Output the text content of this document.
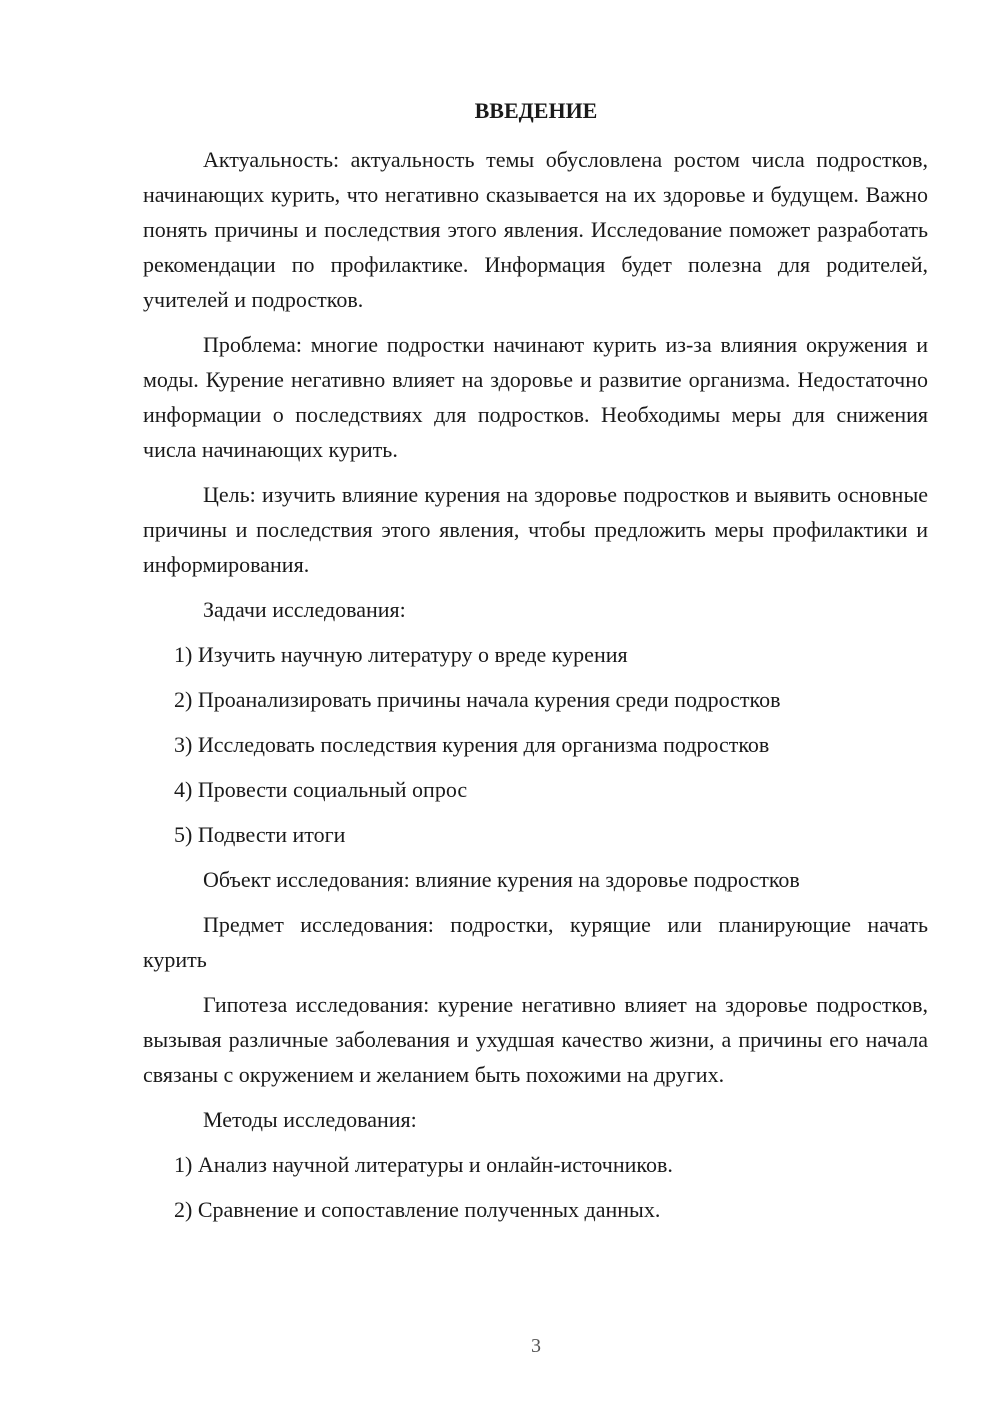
ВВЕДЕНИЕ

Актуальность: актуальность темы обусловлена ростом числа подростков, начинающих курить, что негативно сказывается на их здоровье и будущем. Важно понять причины и последствия этого явления. Исследование поможет разработать рекомендации по профилактике. Информация будет полезна для родителей, учителей и подростков.

Проблема: многие подростки начинают курить из-за влияния окружения и моды. Курение негативно влияет на здоровье и развитие организма. Недостаточно информации о последствиях для подростков. Необходимы меры для снижения числа начинающих курить.

Цель: изучить влияние курения на здоровье подростков и выявить основные причины и последствия этого явления, чтобы предложить меры профилактики и информирования.

Задачи исследования:

1) Изучить научную литературу о вреде курения

2) Проанализировать причины начала курения среди подростков

3) Исследовать последствия курения для организма подростков

4) Провести социальный опрос

5) Подвести итоги

Объект исследования: влияние курения на здоровье подростков

Предмет исследования: подростки, курящие или планирующие начать курить

Гипотеза исследования: курение негативно влияет на здоровье подростков, вызывая различные заболевания и ухудшая качество жизни, а причины его начала связаны с окружением и желанием быть похожими на других.

Методы исследования:

1) Анализ научной литературы и онлайн-источников.

2) Сравнение и сопоставление полученных данных.

3
